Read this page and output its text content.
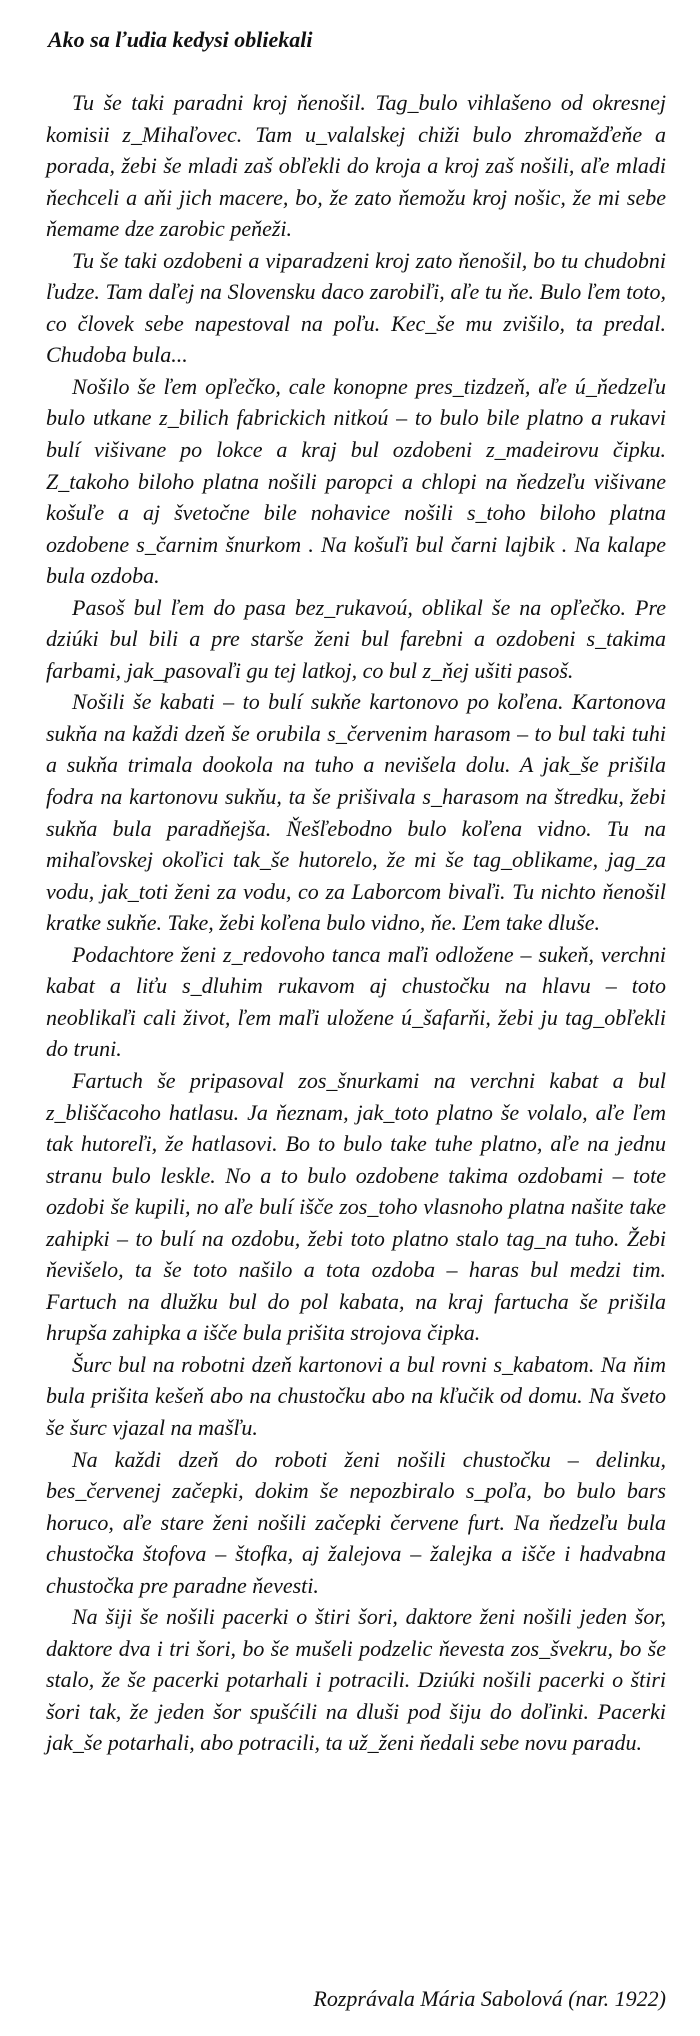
Ako sa ľudia kedysi obliekali

Tu še taki paradni kroj ňenošil. Tag_bulo vihlašeno od okresnej komisii z_Mihaľovec. Tam u_valalskej chiži bulo zhromažďeňe a porada, žebi še mladi zaš obľekli do kroja a kroj zaš nošili, aľe mladi ňechceli a aňi jich macere, bo, že zato ňemožu kroj nošic, že mi sebe ňemame dze zarobic peňeži.

Tu še taki ozdobeni a viparadzeni kroj zato ňenošil, bo tu chudobni ľudze. Tam daľej na Slovensku daco zarobiľi, aľe tu ňe. Bulo ľem toto, co človek sebe napestoval na poľu. Kec_še mu zvišilo, ta predal. Chudoba bula...

Nošilo še ľem opľečko, cale konopne pres_tizdzeň, aľe ú_ňedzeľu bulo utkane z_bilich fabrickich nitkoú – to bulo bile platno a rukavi bulí višivane po lokce a kraj bul ozdobeni z_madeirovu čipku. Z_takoho biloho platna nošili paropci a chlopi na ňedzeľu višivane košuľe a aj švetočne bile nohavice nošili s_toho biloho platna ozdobene s_čarnim šnurkom . Na košuľi bul čarni lajbik . Na kalape bula ozdoba.

Pasoš bul ľem do pasa bez_rukavoú, oblikal še na opľečko. Pre dziúki bul bili a pre starše ženi bul farebni a ozdobeni s_takima farbami, jak_pasovaľi gu tej latkoj, co bul z_ňej ušiti pasoš.

Nošili še kabati – to bulí sukňe kartonovo po koľena. Kartonova sukňa na každi dzeň še orubila s_červenim harasom – to bul taki tuhi a sukňa trimala dookola na tuho a nevišela dolu. A jak_še prišila fodra na kartonovu sukňu, ta še prišivala s_harasom na štredku, žebi sukňa bula paradňejša. Ňešľebodno bulo koľena vidno. Tu na mihaľovskej okoľici tak_še hutorelo, že mi še tag_oblikame, jag_za vodu, jak_toti ženi za vodu, co za Laborcom bivaľi. Tu nichto ňenošil kratke sukňe. Take, žebi koľena bulo vidno, ňe. Ľem take dluše.

Podachtore ženi z_redovoho tanca maľi odložene – sukeň, verchni kabat a liťu s_dluhim rukavom aj chustočku na hlavu – toto neoblikaľi cali život, ľem maľi uložene ú_šafarňi, žebi ju tag_obľekli do truni.

Fartuch še pripasoval zos_šnurkami na verchni kabat a bul z_bliščacoho hatlasu. Ja ňeznam, jak_toto platno še volalo, aľe ľem tak hutoreľi, že hatlasovi. Bo to bulo take tuhe platno, aľe na jednu stranu bulo leskle. No a to bulo ozdobene takima ozdobami – tote ozdobi še kupili, no aľe bulí išče zos_toho vlasnoho platna našite take zahipki – to bulí na ozdobu, žebi toto platno stalo tag_na tuho. Žebi ňevišelo, ta še toto našilo a tota ozdoba – haras bul medzi tim. Fartuch na dlužku bul do pol kabata, na kraj fartucha še prišila hrupša zahipka a išče bula prišita strojova čipka.

Šurc bul na robotni dzeň kartonovi a bul rovni s_kabatom. Na ňim bula prišita kešeň abo na chustočku abo na kľučik od domu. Na švetо še šurc vjazal na mašľu.

Na každi dzeň do roboti ženi nošili chustočku – delinku, bes_červenej začepki, dokim še nepozbiralo s_poľa, bo bulo bars horuco, aľe stare ženi nošili začepki červene furt. Na ňedzeľu bula chustočka štofova – štofka, aj žalejova – žalejka a išče i hadvabna chustočka pre paradne ňevesti.

Na šiji še nošili pacerki o štiri šori, daktore ženi nošili jeden šor, daktore dva i tri šori, bo še mušeli podzelic ňevesta zos_švekru, bo še stalo, že še pacerki potarhali i potracili. Dziúki nošili pacerki o štiri šori tak, že jeden šor spušćili na dluši pod šiju do doľinki. Pacerki jak_še potarhali, abo potracili, ta už_ženi ňedali sebe novu paradu.

Rozprávala Mária Sabolová (nar. 1922)
